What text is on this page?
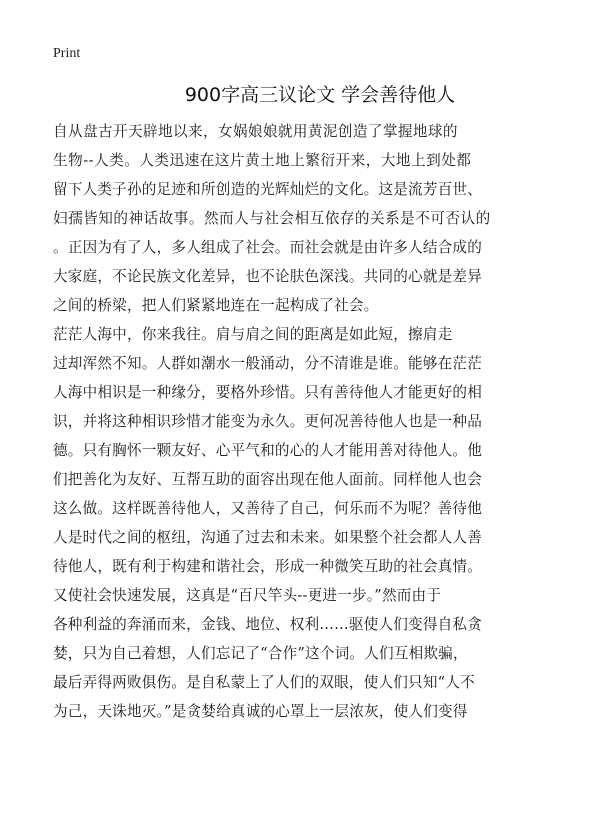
Print
900字高三议论文 学会善待他人
自从盘古开天辟地以来，女娲娘娘就用黄泥创造了掌握地球的
生物--人类。人类迅速在这片黄土地上繁衍开来，大地上到处都
留下人类子孙的足迹和所创造的光辉灿烂的文化。这是流芳百世、
妇孺皆知的神话故事。然而人与社会相互依存的关系是不可否认的
。正因为有了人，多人组成了社会。而社会就是由许多人结合成的
大家庭，不论民族文化差异，也不论肤色深浅。共同的心就是差异
之间的桥梁，把人们紧紧地连在一起构成了社会。
茫茫人海中，你来我往。肩与肩之间的距离是如此短，擦肩走
过却浑然不知。人群如潮水一般涌动，分不清谁是谁。能够在茫茫
人海中相识是一种缘分，要格外珍惜。只有善待他人才能更好的相
识，并将这种相识珍惜才能变为永久。更何况善待他人也是一种品
德。只有胸怀一颗友好、心平气和的心的人才能用善对待他人。他
们把善化为友好、互帮互助的面容出现在他人面前。同样他人也会
这么做。这样既善待他人，又善待了自己，何乐而不为呢？善待他
人是时代之间的枢纽，沟通了过去和未来。如果整个社会都人人善
待他人，既有利于构建和谐社会，形成一种微笑互助的社会真情。
又使社会快速发展，这真是“百尺竿头--更进一步。”然而由于
各种利益的奔涌而来，金钱、地位、权利……驱使人们变得自私贪
婪，只为自己着想，人们忘记了“合作”这个词。人们互相欺骗，
最后弄得两败俱伤。是自私蒙上了人们的双眼，使人们只知“人不
为己，天诛地灭。”是贪婪给真诚的心罩上一层浓灰，使人们变得
